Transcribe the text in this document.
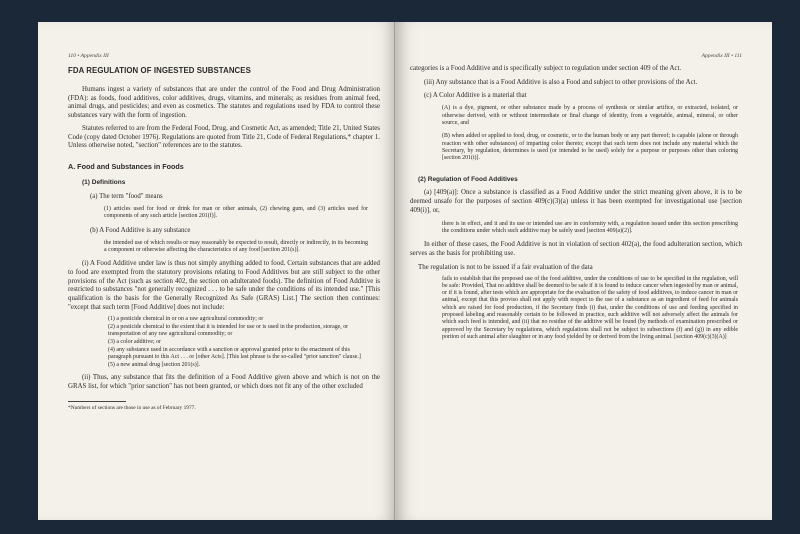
110 • Appendix III

FDA REGULATION OF INGESTED SUBSTANCES

Humans ingest a variety of substances that are under the control of the Food and Drug Administration (FDA): as foods, food additives, color additives, drugs, vitamins, and minerals; as residues from animal feed, animal drugs, and pesticides; and even as cosmetics. The statutes and regulations used by FDA to control these substances vary with the form of ingestion.

Statutes referred to are from the Federal Food, Drug, and Cosmetic Act, as amended; Title 21, United States Code (copy dated October 1976). Regulations are quoted from Title 21, Code of Federal Regulations,* chapter 1. Unless otherwise noted, "section" references are to the statutes.

A. Food and Substances in Foods

(1) Definitions

(a) The term "food" means

(1) articles used for food or drink for man or other animals, (2) chewing gum, and (3) articles used for components of any such article [section 201(f)].

(b) A Food Additive is any substance

the intended use of which results or may reasonably be expected to result, directly or indirectly, in its becoming a component or otherwise affecting the characteristics of any food [section 201(s)].

(i) A Food Additive under law is thus not simply anything added to food. Certain substances that are added to food are exempted from the statutory provisions relating to Food Additives but are still subject to the other provisions of the Act (such as section 402, the section on adulterated foods). The definition of Food Additive is restricted to substances "not generally recognized . . . to be safe under the conditions of its intended use." [This qualification is the basis for the Generally Recognized As Safe (GRAS) List.] The section then continues: "except that such term [Food Additive] does not include:

(1) a pesticide chemical in or on a raw agricultural commodity; or
(2) a pesticide chemical to the extent that it is intended for use or is used in the production, storage, or transportation of any raw agricultural commodity; or
(3) a color additive; or
(4) any substance used in accordance with a sanction or approval granted prior to the enactment of this paragraph pursuant to this Act . . . or [other Acts]. [This last phrase is the so-called "prior sanction" clause.]
(5) a new animal drug [section 201(s)].

(ii) Thus, any substance that fits the definition of a Food Additive given above and which is not on the GRAS list, for which "prior sanction" has not been granted, or which does not fit any of the other excluded

*Numbers of sections are those in use as of February 1977.

Appendix III • 111

categories is a Food Additive and is specifically subject to regulation under section 409 of the Act.

(iii) Any substance that is a Food Additive is also a Food and subject to other provisions of the Act.

(c) A Color Additive is a material that

(A) is a dye, pigment, or other substance made by a process of synthesis or similar artifice, or extracted, isolated, or otherwise derived, with or without intermediate or final change of identity, from a vegetable, animal, mineral, or other source, and

(B) when added or applied to food, drug, or cosmetic, or to the human body or any part thereof; is capable (alone or through reaction with other substances) of imparting color thereto; except that such term does not include any material which the Secretary, by regulation, determines is used (or intended to be used) solely for a purpose or purposes other than coloring [section 201(t)].

(2) Regulation of Food Additives

(a) [409(a)]: Once a substance is classified as a Food Additive under the strict meaning given above, it is to be deemed unsafe for the purposes of section 409(c)(3)(a) unless it has been exempted for investigational use [section 409(i)], or,

there is in effect, and it and its use or intended use are in conformity with, a regulation issued under this section prescribing the conditions under which such additive may be safely used [section 409(a)(2)].

In either of these cases, the Food Additive is not in violation of section 402(a), the food adulteration section, which serves as the basis for prohibiting use.

The regulation is not to be issued if a fair evaluation of the data

fails to establish that the proposed use of the food additive, under the conditions of use to be specified in the regulation, will be safe: Provided, That no additive shall be deemed to be safe if it is found to induce cancer when ingested by man or animal, or if it is found, after tests which are appropriate for the evaluation of the safety of food additives, to induce cancer in man or animal, except that this proviso shall not apply with respect to the use of a substance as an ingredient of feed for animals which are raised for food production, if the Secretary finds (i) that, under the conditions of use and feeding specified in proposed labeling and reasonably certain to be followed in practice, such additive will not adversely affect the animals for which such feed is intended, and (ii) that no residue of the additive will be found (by methods of examination prescribed or approved by the Secretary by regulations, which regulations shall not be subject to subsections (f) and (g)) in any edible portion of such animal after slaughter or in any food yielded by or derived from the living animal. [section 409(c)(3)(A)]
